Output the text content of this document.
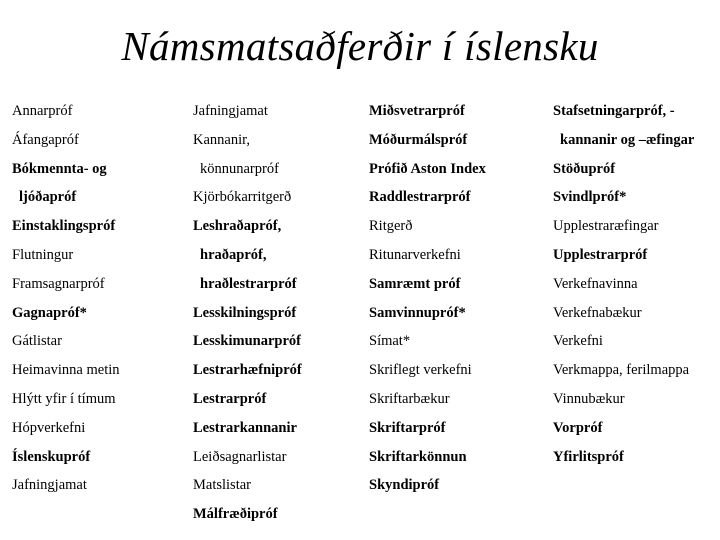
Námsmatsaðferðir í íslensku
Annarpróf
Áfangapróf
Bókmennta- og
ljóðapróf
Einstaklingspróf
Flutningur
Framsagnarpróf
Gagnapróf*
Gátlistar
Heimavinna metin
Hlýtt yfir í tímum
Hópverkefni
Íslenskupróf
Jafningjamat
Jafningjamat
Kannanir,
könnunarpróf
Kjörbókarritgerð
Leshraðapróf,
hraðapróf,
hraðlestrarpróf
Lesskilningspróf
Lesskimunarpróf
Lestrarhæfnipróf
Lestrarpróf
Lestrarkannanir
Leiðsagnarlistar
Matslistar
Málfræðipróf
Miðsvetrarpróf
Móðurmálspróf
Prófið Aston Index
Raddlestrarpróf
Ritgerð
Ritunarverkefni
Samræmt próf
Samvinnupróf*
Símat*
Skriflegt verkefni
Skriftarbækur
Skriftarpróf
Skriftarkönnun
Skyndipróf
Stafsetningarpróf, -
kannanir og –æfingar
Stöðupróf
Svindlpróf*
Upplestraræfingar
Upplestrarpróf
Verkefnavinna
Verkefnabækur
Verkefni
Verkmappa, ferilmappa
Vinnubækur
Vorpróf
Yfirlitspróf
